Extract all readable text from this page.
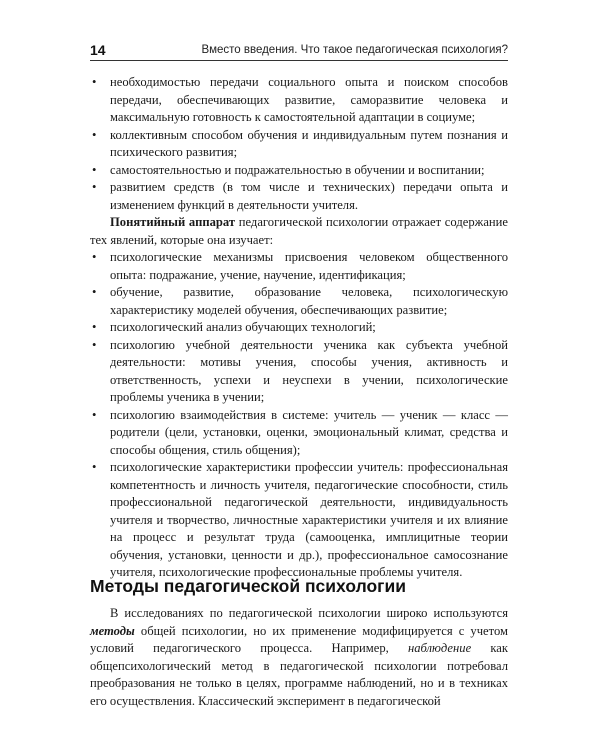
14	Вместо введения. Что такое педагогическая психология?
• необходимостью передачи социального опыта и поиском способов передачи, обеспечивающих развитие, саморазвитие человека и максимальную готовность к самостоятельной адаптации в социуме;
• коллективным способом обучения и индивидуальным путем познания и психического развития;
• самостоятельностью и подражательностью в обучении и воспитании;
• развитием средств (в том числе и технических) передачи опыта и изменением функций в деятельности учителя.

Понятийный аппарат педагогической психологии отражает содержание тех явлений, которые она изучает:

• психологические механизмы присвоения человеком общественного опыта: подражание, учение, научение, идентификация;
• обучение, развитие, образование человека, психологическую характеристику моделей обучения, обеспечивающих развитие;
• психологический анализ обучающих технологий;
• психологию учебной деятельности ученика как субъекта учебной деятельности: мотивы учения, способы учения, активность и ответственность, успехи и неуспехи в учении, психологические проблемы ученика в учении;
• психологию взаимодействия в системе: учитель — ученик — класс — родители (цели, установки, оценки, эмоциональный климат, средства и способы общения, стиль общения);
• психологические характеристики профессии учитель: профессиональная компетентность и личность учителя, педагогические способности, стиль профессиональной педагогической деятельности, индивидуальность учителя и творчество, личностные характеристики учителя и их влияние на процесс и результат труда (самооценка, имплицитные теории обучения, установки, ценности и др.), профессиональное самосознание учителя, психологические профессиональные проблемы учителя.
Методы педагогической психологии

В исследованиях по педагогической психологии широко используются методы общей психологии, но их применение модифицируется с учетом условий педагогического процесса. Например, наблюдение как общепсихологический метод в педагогической психологии потребовал преобразования не только в целях, программе наблюдений, но и в техниках его осуществления. Классический эксперимент в педагогической
